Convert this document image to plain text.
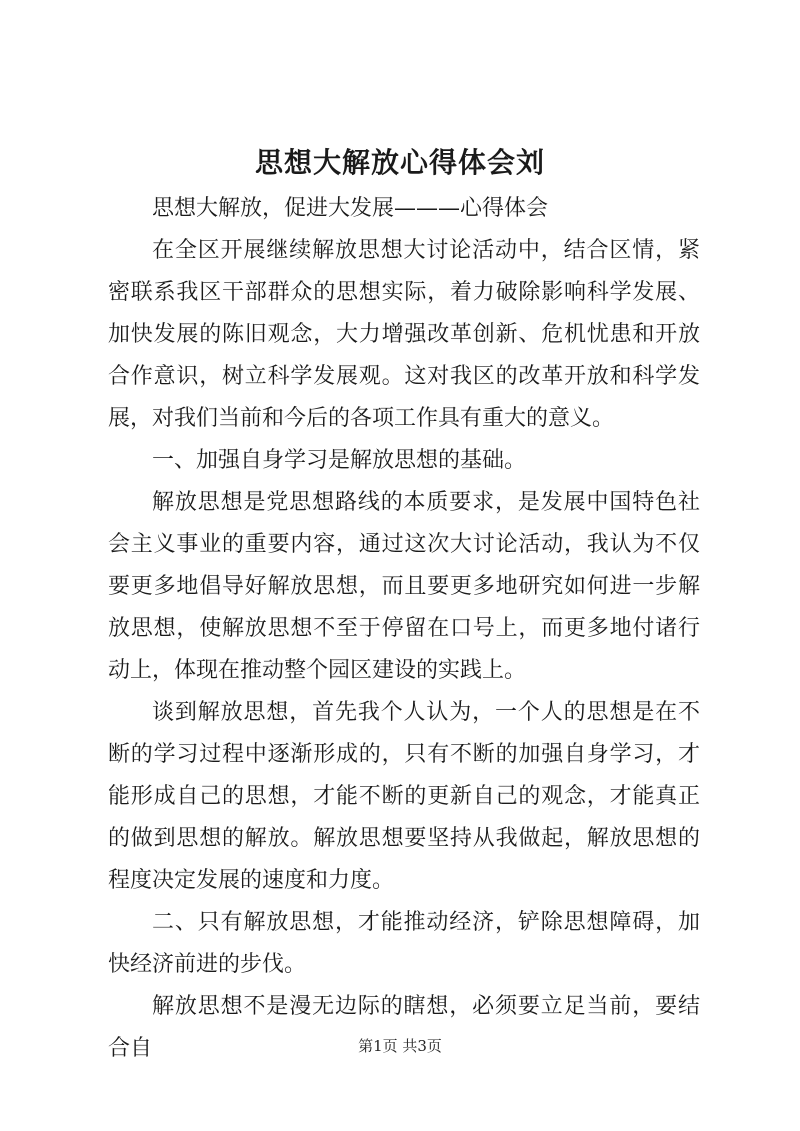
思想大解放心得体会刘

思想大解放，促进大发展———心得体会

在全区开展继续解放思想大讨论活动中，结合区情，紧密联系我区干部群众的思想实际，着力破除影响科学发展、加快发展的陈旧观念，大力增强改革创新、危机忧患和开放合作意识，树立科学发展观。这对我区的改革开放和科学发展，对我们当前和今后的各项工作具有重大的意义。

一、加强自身学习是解放思想的基础。

解放思想是党思想路线的本质要求，是发展中国特色社会主义事业的重要内容，通过这次大讨论活动，我认为不仅要更多地倡导好解放思想，而且要更多地研究如何进一步解放思想，使解放思想不至于停留在口号上，而更多地付诸行动上，体现在推动整个园区建设的实践上。

谈到解放思想，首先我个人认为，一个人的思想是在不断的学习过程中逐渐形成的，只有不断的加强自身学习，才能形成自己的思想，才能不断的更新自己的观念，才能真正的做到思想的解放。解放思想要坚持从我做起，解放思想的程度决定发展的速度和力度。

二、只有解放思想，才能推动经济，铲除思想障碍，加快经济前进的步伐。

解放思想不是漫无边际的瞎想，必须要立足当前，要结合自	第1页 共3页
